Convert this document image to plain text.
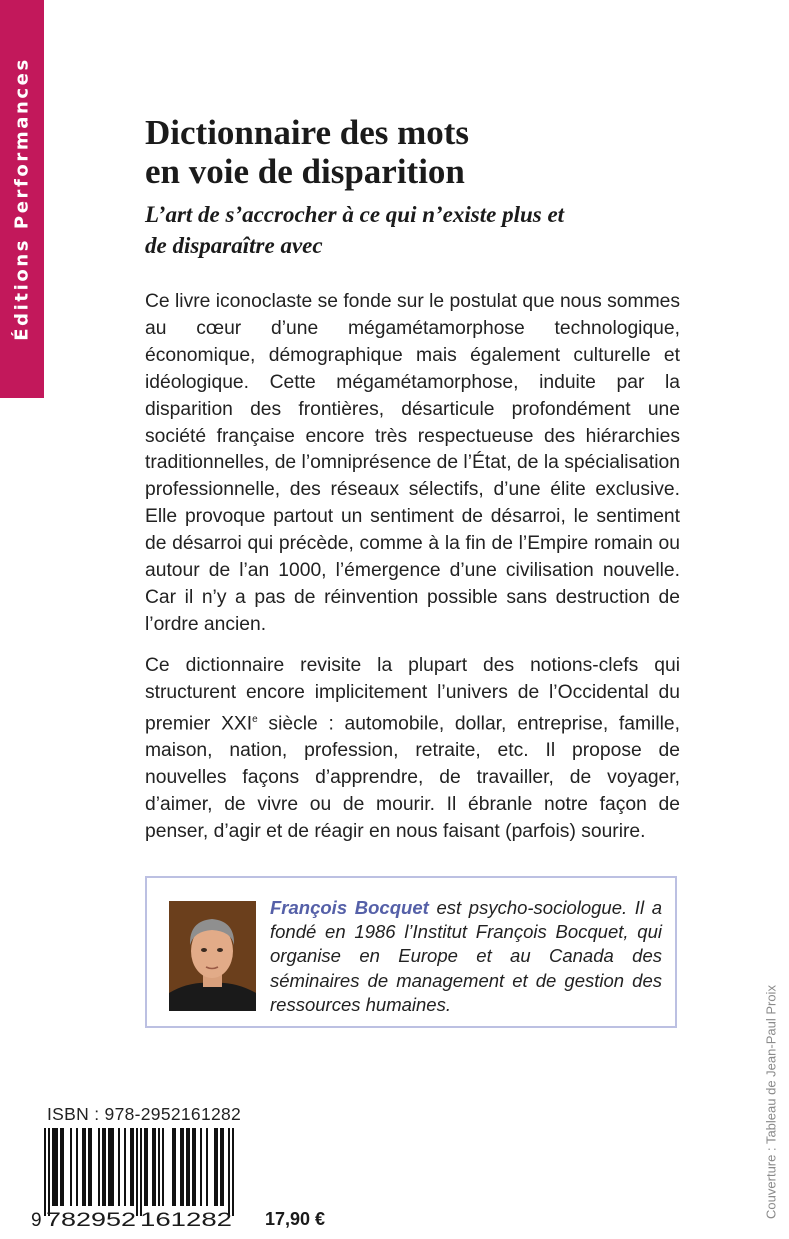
Éditions Performances	Dictionnaire des mots
en voie de disparition
L’art de s’accrocher à ce qui n’existe plus et
de disparaître avec

Ce livre iconoclaste se fonde sur le postulat que nous sommes au cœur d’une mégamétamorphose technologique, économique, démographique mais également culturelle et idéologique. Cette mégamétamorphose, induite par la disparition des frontières, désarticule profondément une société française encore très respectueuse des hiérarchies traditionnelles, de l’omniprésence de l’État, de la spécialisation professionnelle, des réseaux sélectifs, d’une élite exclusive. Elle provoque partout un sentiment de désarroi, le sentiment de désarroi qui précède, comme à la fin de l’Empire romain ou autour de l’an 1000, l’émergence d’une civilisation nouvelle. Car il n’y a pas de réinvention possible sans destruction de l’ordre ancien.

Ce dictionnaire revisite la plupart des notions-clefs qui structurent encore implicitement l’univers de l’Occidental du premier XXIe siècle : automobile, dollar, entreprise, famille, maison, nation, profession, retraite, etc. Il propose de nouvelles façons d’apprendre, de travailler, de voyager, d’aimer, de vivre ou de mourir. Il ébranle notre façon de penser, d’agir et de réagir en nous faisant (parfois) sourire.

François Bocquet est psycho-sociologue. Il a fondé en 1986 l’Institut François Bocquet, qui organise en Europe et au Canada des séminaires de management et de gestion des ressources humaines.

ISBN : 978-2952161282
9 782952 161282 17,90 €
Couverture : Tableau de Jean-Paul Proix
